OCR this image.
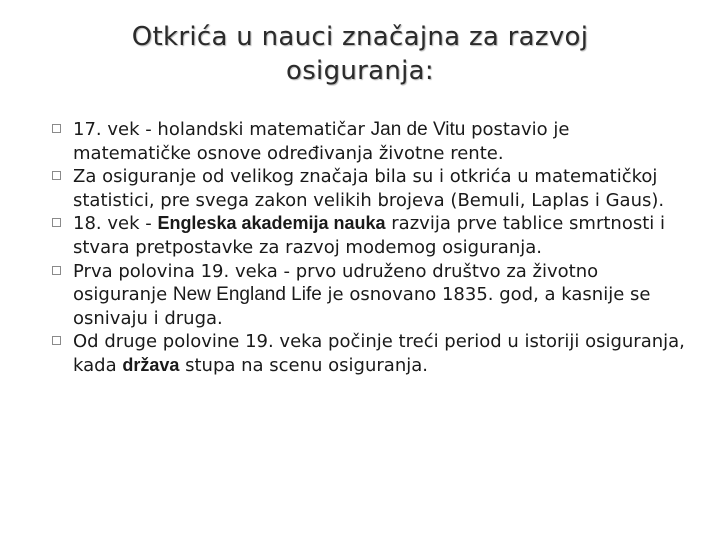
Otkrića u nauci značajna za razvoj
osiguranja:
17. vek - holandski matematičar Jan de Vitu postavio je matematičke osnove određivanja životne rente.
Za osiguranje od velikog značaja bila su i otkrića u matematičkoj statistici, pre svega zakon velikih brojeva (Bemuli, Laplas i Gaus).
18. vek - Engleska akademija nauka razvija prve tablice smrtnosti i stvara pretpostavke za razvoj modemog osiguranja.
Prva polovina 19. veka - prvo udruženo društvo za životno osiguranje New England Life je osnovano 1835. god, a kasnije se osnivaju i druga.
Od druge polovine 19. veka počinje treći period u istoriji osiguranja, kada država stupa na scenu osiguranja.
